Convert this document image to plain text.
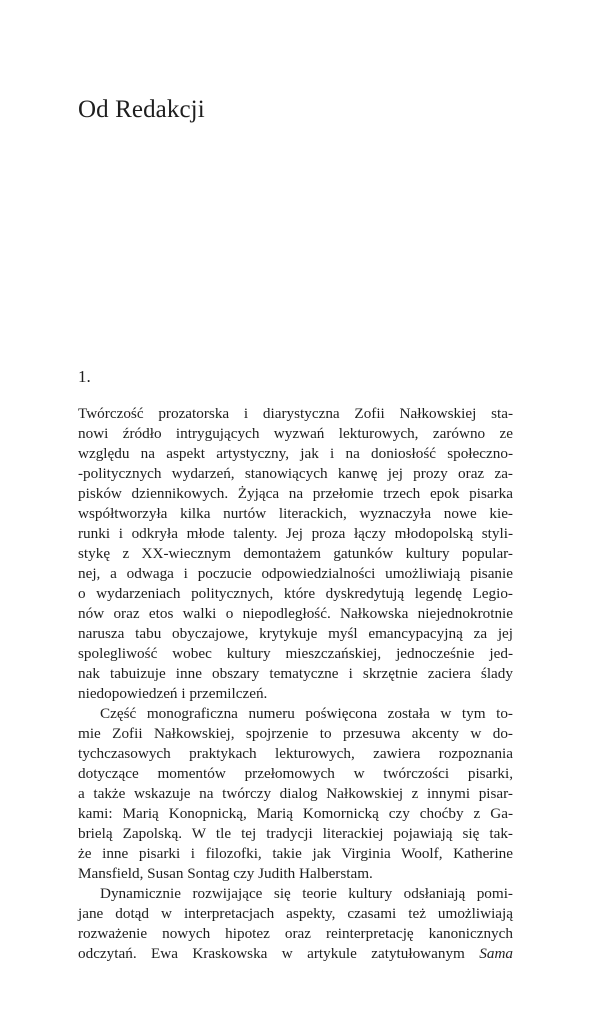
Od Redakcji
1.
Twórczość prozatorska i diarystyczna Zofii Nałkowskiej sta-
nowi źródło intrygujących wyzwań lekturowych, zarówno ze
względu na aspekt artystyczny, jak i na doniosłość społeczno-
-politycznych wydarzeń, stanowiących kanwę jej prozy oraz za-
pisków dziennikowych. Żyjąca na przełomie trzech epok pisarka
współtworzyła kilka nurtów literackich, wyznaczyła nowe kie-
runki i odkryła młode talenty. Jej proza łączy młodopolską styli-
stykę z XX-wiecznym demontażem gatunków kultury popular-
nej, a odwaga i poczucie odpowiedzialności umożliwiają pisanie
o wydarzeniach politycznych, które dyskredytują legendę Legio-
nów oraz etos walki o niepodległość. Nałkowska niejednokrotnie
narusza tabu obyczajowe, krytykuje myśl emancypacyjną za jej
spolegliwość wobec kultury mieszczańskiej, jednocześnie jed-
nak tabuizuje inne obszary tematyczne i skrzętnie zaciera ślady
niedopowiedzeń i przemilczeń.
Część monograficzna numeru poświęcona została w tym to-
mie Zofii Nałkowskiej, spojrzenie to przesuwa akcenty w do-
tychczasowych praktykach lekturowych, zawiera rozpoznania
dotyczące momentów przełomowych w twórczości pisarki,
a także wskazuje na twórczy dialog Nałkowskiej z innymi pisar-
kami: Marią Konopnicką, Marią Komornicką czy choćby z Ga-
brielą Zapolską. W tle tej tradycji literackiej pojawiają się tak-
że inne pisarki i filozofki, takie jak Virginia Woolf, Katherine
Mansfield, Susan Sontag czy Judith Halberstam.
Dynamicznie rozwijające się teorie kultury odsłaniają pomi-
jane dotąd w interpretacjach aspekty, czasami też umożliwiają
rozważenie nowych hipotez oraz reinterpretację kanonicznych
odczytań. Ewa Kraskowska w artykule zatytułowanym Sama
